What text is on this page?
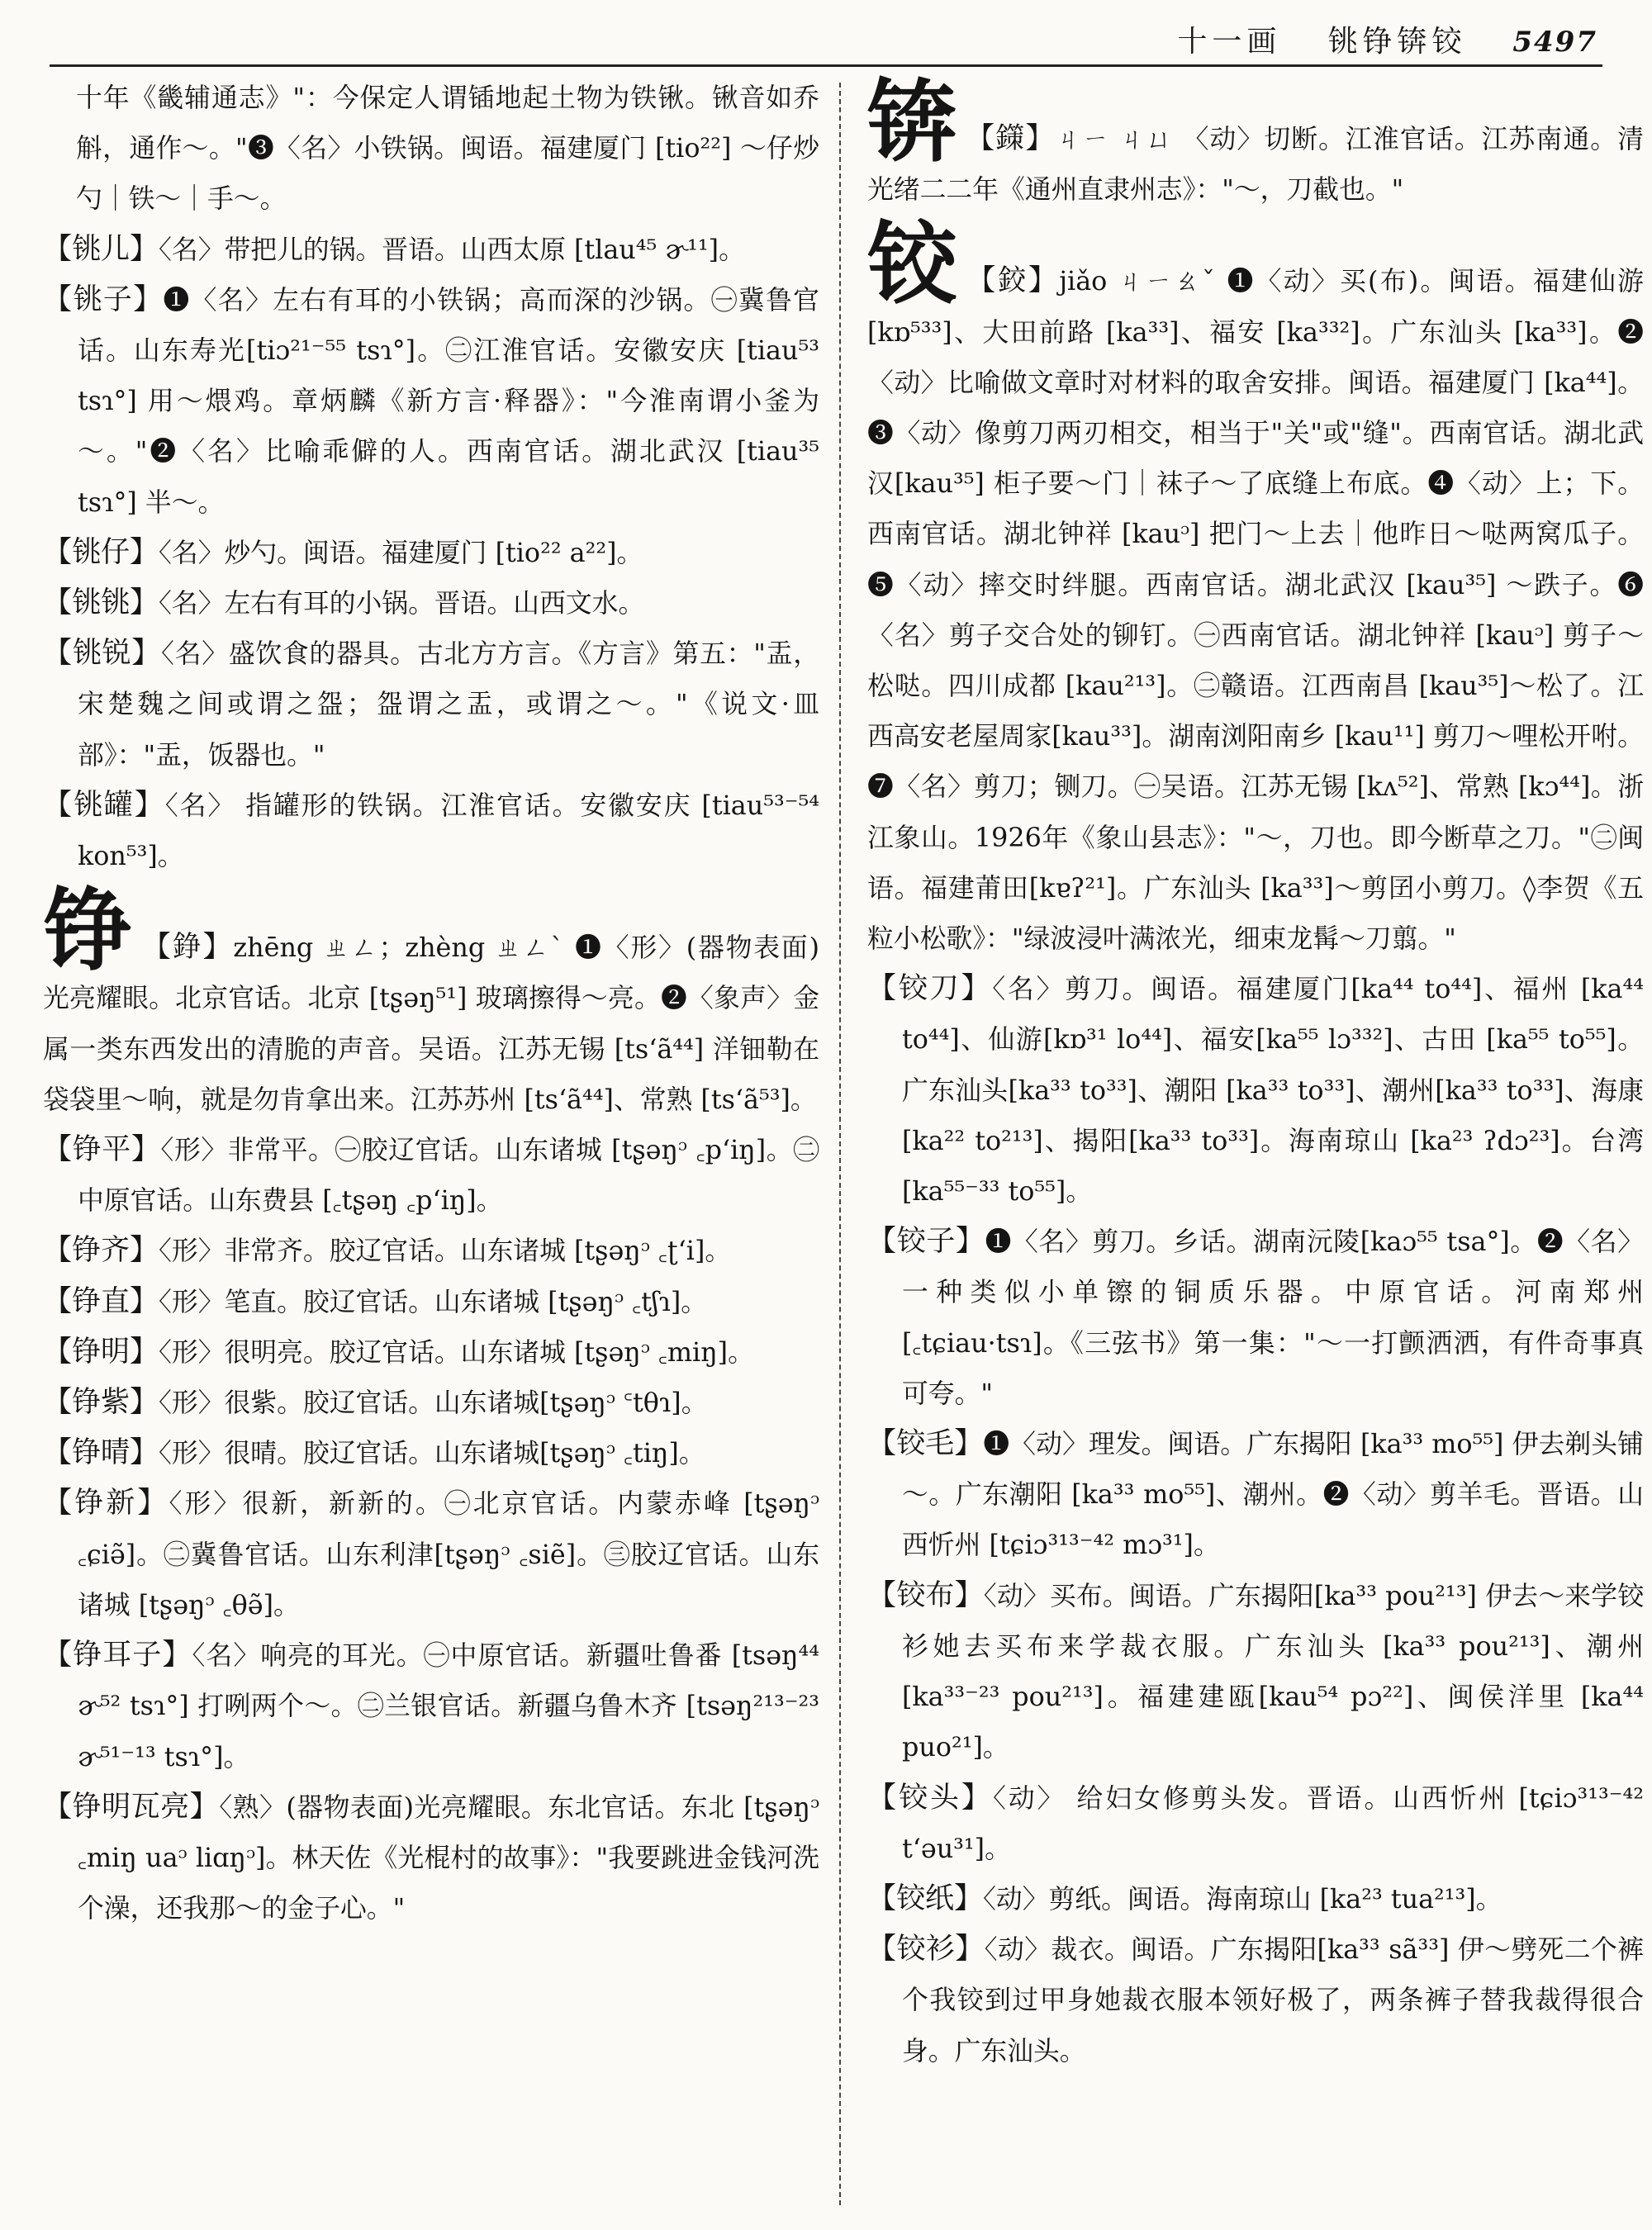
十一画 铫铮锛铰 5497

十年《畿辅通志》"：今保定人谓锸地起土物为铁锹。锹音如乔斛，通作～。"❸〈名〉小铁锅。闽语。福建厦门 [tio²²] ～仔炒勺｜铁～｜手～。

【铫儿】〈名〉带把儿的锅。晋语。山西太原 [tlau⁴⁵ ɚ¹¹]。

【铫子】❶〈名〉左右有耳的小铁锅；高而深的沙锅。㊀冀鲁官话。山东寿光[tiɔ²¹⁻⁵⁵ tsɿ°]。㊁江淮官话。安徽安庆 [tiau⁵³ tsɿ°] 用～煨鸡。章炳麟《新方言·释器》："今淮南谓小釜为～。"❷〈名〉比喻乖僻的人。西南官话。湖北武汉 [tiau³⁵ tsɿ°] 半～。

【铫仔】〈名〉炒勺。闽语。福建厦门 [tio²² a²²]。

【铫铫】〈名〉左右有耳的小锅。晋语。山西文水。

【铫锐】〈名〉盛饮食的器具。古北方方言。《方言》第五："盂，宋楚魏之间或谓之盌；盌谓之盂，或谓之～。"《说文·皿部》："盂，饭器也。"

【铫罐】〈名〉 指罐形的铁锅。江淮官话。安徽安庆 [tiau⁵³⁻⁵⁴ kon⁵³]。

铮 【錚】zhēng ㄓㄥ；zhèng ㄓㄥˋ ❶〈形〉(器物表面) 光亮耀眼。北京官话。北京 [tʂəŋ⁵¹] 玻璃擦得～亮。❷〈象声〉金属一类东西发出的清脆的声音。吴语。江苏无锡 [tsʻã⁴⁴] 洋钿勒在袋袋里～响，就是勿肯拿出来。江苏苏州 [tsʻã⁴⁴]、常熟 [tsʻã⁵³]。

【铮平】〈形〉非常平。㊀胶辽官话。山东诸城 [tʂəŋᵓ ꜀pʻiŋ]。㊁中原官话。山东费县 [꜀tʂəŋ ꜀pʻiŋ]。

【铮齐】〈形〉非常齐。胶辽官话。山东诸城 [tʂəŋᵓ ꜀ʈʻi]。

【铮直】〈形〉笔直。胶辽官话。山东诸城 [tʂəŋᵓ ꜀tʃɿ]。

【铮明】〈形〉很明亮。胶辽官话。山东诸城 [tʂəŋᵓ ꜀miŋ]。

【铮紫】〈形〉很紫。胶辽官话。山东诸城[tʂəŋᵓ ꜂tθɿ]。

【铮晴】〈形〉很晴。胶辽官话。山东诸城[tʂəŋᵓ ꜀tiŋ]。

【铮新】〈形〉很新，新新的。㊀北京官话。内蒙赤峰 [tʂəŋᵓ ꜀ɕiə̃]。㊁冀鲁官话。山东利津[tʂəŋᵓ ꜀siẽ]。㊂胶辽官话。山东诸城 [tʂəŋᵓ ꜀θə̃]。

【铮耳子】〈名〉响亮的耳光。㊀中原官话。新疆吐鲁番 [tsəŋ⁴⁴ ɚ⁵² tsɿ°] 打咧两个～。㊁兰银官话。新疆乌鲁木齐 [tsəŋ²¹³⁻²³ ɚ⁵¹⁻¹³ tsɿ°]。

【铮明瓦亮】〈熟〉(器物表面)光亮耀眼。东北官话。东北 [tʂəŋᵓ ꜀miŋ uaᵓ liɑŋᵓ]。林天佐《光棍村的故事》："我要跳进金钱河洗个澡，还我那～的金子心。"

锛 【鏼】ㄐㄧ ㄐㄩ 〈动〉切断。江淮官话。江苏南通。清光绪二二年《通州直隶州志》："～，刀截也。"

铰 【鉸】jiǎo ㄐㄧㄠˇ ❶〈动〉买(布)。闽语。福建仙游 [kɒ⁵³³]、大田前路 [ka³³]、福安 [ka³³²]。广东汕头 [ka³³]。❷〈动〉比喻做文章时对材料的取舍安排。闽语。福建厦门 [ka⁴⁴]。❸〈动〉像剪刀两刃相交，相当于"关"或"缝"。西南官话。湖北武汉[kau³⁵] 柜子要～门｜袜子～了底缝上布底。❹〈动〉上；下。西南官话。湖北钟祥 [kauᵓ] 把门～上去｜他昨日～哒两窝瓜子。❺〈动〉摔交时绊腿。西南官话。湖北武汉 [kau³⁵] ～跌子。❻〈名〉剪子交合处的铆钉。㊀西南官话。湖北钟祥 [kauᵓ] 剪子～松哒。四川成都 [kau²¹³]。㊁赣语。江西南昌 [kau³⁵]～松了。江西高安老屋周家[kau³³]。湖南浏阳南乡 [kau¹¹] 剪刀～哩松开咐。❼〈名〉剪刀；铡刀。㊀吴语。江苏无锡 [kʌ⁵²]、常熟 [kɔ⁴⁴]。浙江象山。1926年《象山县志》："～，刀也。即今断草之刀。"㊁闽语。福建莆田[kɐʔ²¹]。广东汕头 [ka³³]～剪囝小剪刀。◊李贺《五粒小松歌》："绿波浸叶满浓光，细束龙髯～刀翦。"

【铰刀】〈名〉剪刀。闽语。福建厦门[ka⁴⁴ to⁴⁴]、福州 [ka⁴⁴ to⁴⁴]、仙游[kɒ³¹ lo⁴⁴]、福安[ka⁵⁵ lɔ³³²]、古田 [ka⁵⁵ to⁵⁵]。广东汕头[ka³³ to³³]、潮阳 [ka³³ to³³]、潮州[ka³³ to³³]、海康[ka²² to²¹³]、揭阳[ka³³ to³³]。海南琼山 [ka²³ ʔdɔ²³]。台湾[ka⁵⁵⁻³³ to⁵⁵]。

【铰子】❶〈名〉剪刀。乡话。湖南沅陵[kaɔ⁵⁵ tsa°]。❷〈名〉一种类似小单镲的铜质乐器。中原官话。河南郑州 [꜀tɕiau·tsɿ]。《三弦书》第一集："～一打颤洒洒，有件奇事真可夸。"

【铰毛】❶〈动〉理发。闽语。广东揭阳 [ka³³ mo⁵⁵] 伊去剃头铺～。广东潮阳 [ka³³ mo⁵⁵]、潮州。❷〈动〉剪羊毛。晋语。山西忻州 [tɕiɔ³¹³⁻⁴² mɔ³¹]。

【铰布】〈动〉买布。闽语。广东揭阳[ka³³ pou²¹³] 伊去～来学铰衫她去买布来学裁衣服。广东汕头 [ka³³ pou²¹³]、潮州 [ka³³⁻²³ pou²¹³]。福建建瓯[kau⁵⁴ pɔ²²]、闽侯洋里 [ka⁴⁴ puo²¹]。

【铰头】〈动〉 给妇女修剪头发。晋语。山西忻州 [tɕiɔ³¹³⁻⁴² tʻəu³¹]。

【铰纸】〈动〉剪纸。闽语。海南琼山 [ka²³ tua²¹³]。

【铰衫】〈动〉裁衣。闽语。广东揭阳[ka³³ sã³³] 伊～劈死二个裤个我铰到过甲身她裁衣服本领好极了，两条裤子替我裁得很合身。广东汕头。
